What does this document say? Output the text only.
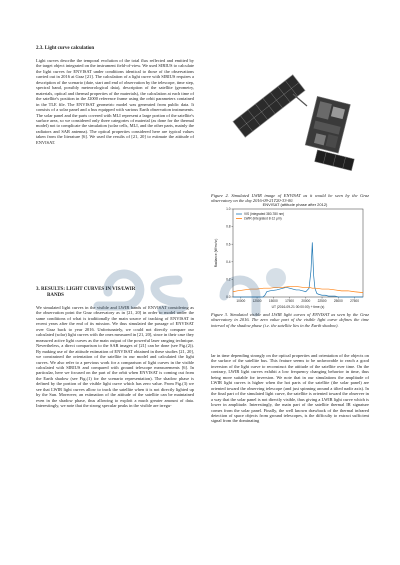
2.3. Light curve calculation

Light curves describe the temporal evolution of the total flux reflected and emitted by the target object integrated on the instrument field-of-view. We used SIRIUS to calculate the light curves for ENVISAT under conditions identical to those of the observations carried out in 2016 at Graz [21]. The calculation of a light curve with SIRIUS requires a description of the scenario (date, start and end of observation by the telescope, time step, spectral band, possibly meteorological data), description of the satellite (geometry, materials, optical and thermal properties of the materials), the calculation at each time of the satellite's position in the J2000 reference frame using the orbit parameters contained in the TLE file. The ENVISAT geometric model was generated from public data. It consists of a solar panel and a bus equipped with various Earth observation instruments. The solar panel and the parts covered with MLI represent a large portion of the satellite's surface area, so we considered only three categories of material (as done for the thermal model) not to complicate the simulation (solar cells, MLI, and the other parts, mainly the radiators and SAR antenna). The optical properties considered here are typical values taken from the literature [6]. We used the results of [21, 20] to estimate the attitude of ENVISAT.

3. RESULTS: LIGHT CURVES IN VIS/LWIR
BANDS

We simulated light curves in the visible and LWIR bands of ENVISAT considering as the observation point the Graz observatory as in [21, 20] in order to model under the same conditions of what is traditionally the main source of tracking of ENVISAT in recent years after the end of its mission. We thus simulated the passage of ENVISAT over Graz back to year 2016. Unfortunately, we could not directly compare our calculated (solar) light curves with the ones measured in [21, 20], since in their case they measured active light curves as the main output of the powerful laser ranging technique. Nevertheless, a direct comparison to the SAR images of [21] can be done (see Fig.(2)). By making use of the attitude estimation of ENVISAT obtained in these studies [21, 20], we constrained the orientation of the satellite in our model and calculated the light curves. We also refer to a previous work for a comparison of light curves in the visible calculated with SIRIUS and compared with ground telescope measurements [6]. In particular, here we focused on the part of the orbit when ENVISAT is coming out from the Earth shadow (see Fig.(1) for the scenario representation). The shadow phase is defined by the portion of the visible light curve which has zero value. From Fig.(3) we see that LWIR light curves allow to track the satellite when it is not directly lighted up by the Sun. Moreover, an estimation of the attitude of the satellite can be maintained even in the shadow phase, thus allowing to exploit a much greater amount of data. Interestingly, we note that the strong specular peaks in the visible are irregu-

Figure 2. Simulated LWIR image of ENVISAT as it would be seen by the Graz observatory on the day 2016-09-21T20-33-00.

ENVISAT (attitude phase after 2012)
0.0
0.2
0.4
0.6
0.8
1.0
10000 12500 15000 17500 20000 22500 25000 27500
Radiance (W/m²/sr)
UT (2016-09-21 00:00:00) + time (s)
VIS (integrated 380-780 nm)
LWIR (integrated 8-12 µm)

Figure 3. Simulated visible and LWIR light curves of ENVISAT as seen by the Graz observatory in 2016. The zero value part of the visible light curve defines the time interval of the shadow phase (i.e. the satellite lies in the Earth shadow).

lar in time depending strongly on the optical properties and orientation of the objects on the surface of the satellite bus. This feature seems to be unfavorable to reach a good inversion of the light curve to reconstruct the attitude of the satellite over time. On the contrary, LWIR light curves exhibit a low frequency changing behavior in time, thus being more suitable for inversion. We note that in our simulations the amplitude of LWIR light curves is higher when the hot parts of the satellite (the solar panel) are oriented toward the observing telescope (and just spinning around a tilted nadir axis). In the final part of the simulated light curve, the satellite is oriented toward the observer in a way that the solar panel is not directly visible, thus giving a LWIR light curve which is lower in amplitude. Interestingly, the main part of the satellite thermal IR signature comes from the solar panel. Finally, the well known drawback of the thermal infrared detection of space objects from ground telescopes, is the difficulty to extract sufficient signal from the dominating
